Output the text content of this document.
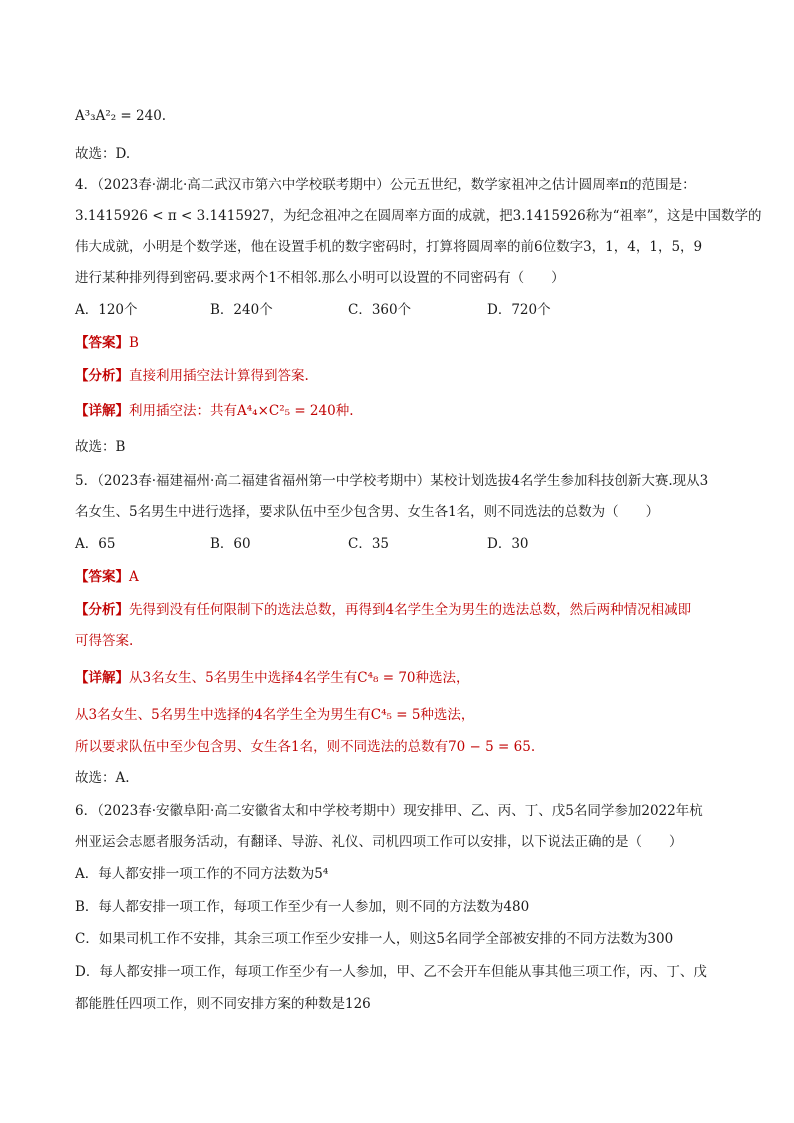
A³₃A²₂ = 240.
故选：D.
4．（2023春·湖北·高二武汉市第六中学校联考期中）公元五世纪，数学家祖冲之估计圆周率π的范围是：
3.1415926 < π < 3.1415927，为纪念祖冲之在圆周率方面的成就，把3.1415926称为“祖率”，这是中国数学的
伟大成就，小明是个数学迷，他在设置手机的数字密码时，打算将圆周率的前6位数字3，1，4，1，5，9
进行某种排列得到密码.要求两个1不相邻.那么小明可以设置的不同密码有（　　）
A．120个	B．240个	C．360个	D．720个
【答案】B
【分析】直接利用插空法计算得到答案.
【详解】利用插空法：共有A⁴₄×C²₅ = 240种.
故选：B
5．（2023春·福建福州·高二福建省福州第一中学校考期中）某校计划选拔4名学生参加科技创新大赛.现从3
名女生、5名男生中进行选择，要求队伍中至少包含男、女生各1名，则不同选法的总数为（　　）
A．65	B．60	C．35	D．30
【答案】A
【分析】先得到没有任何限制下的选法总数，再得到4名学生全为男生的选法总数，然后两种情况相减即
可得答案.
【详解】从3名女生、5名男生中选择4名学生有C⁴₈ = 70种选法，
从3名女生、5名男生中选择的4名学生全为男生有C⁴₅ = 5种选法，
所以要求队伍中至少包含男、女生各1名，则不同选法的总数有70 − 5 = 65.
故选：A.
6．（2023春·安徽阜阳·高二安徽省太和中学校考期中）现安排甲、乙、丙、丁、戊5名同学参加2022年杭
州亚运会志愿者服务活动，有翻译、导游、礼仪、司机四项工作可以安排，以下说法正确的是（　　）
A．每人都安排一项工作的不同方法数为5⁴
B．每人都安排一项工作，每项工作至少有一人参加，则不同的方法数为480
C．如果司机工作不安排，其余三项工作至少安排一人，则这5名同学全部被安排的不同方法数为300
D．每人都安排一项工作，每项工作至少有一人参加，甲、乙不会开车但能从事其他三项工作，丙、丁、戊
都能胜任四项工作，则不同安排方案的种数是126
